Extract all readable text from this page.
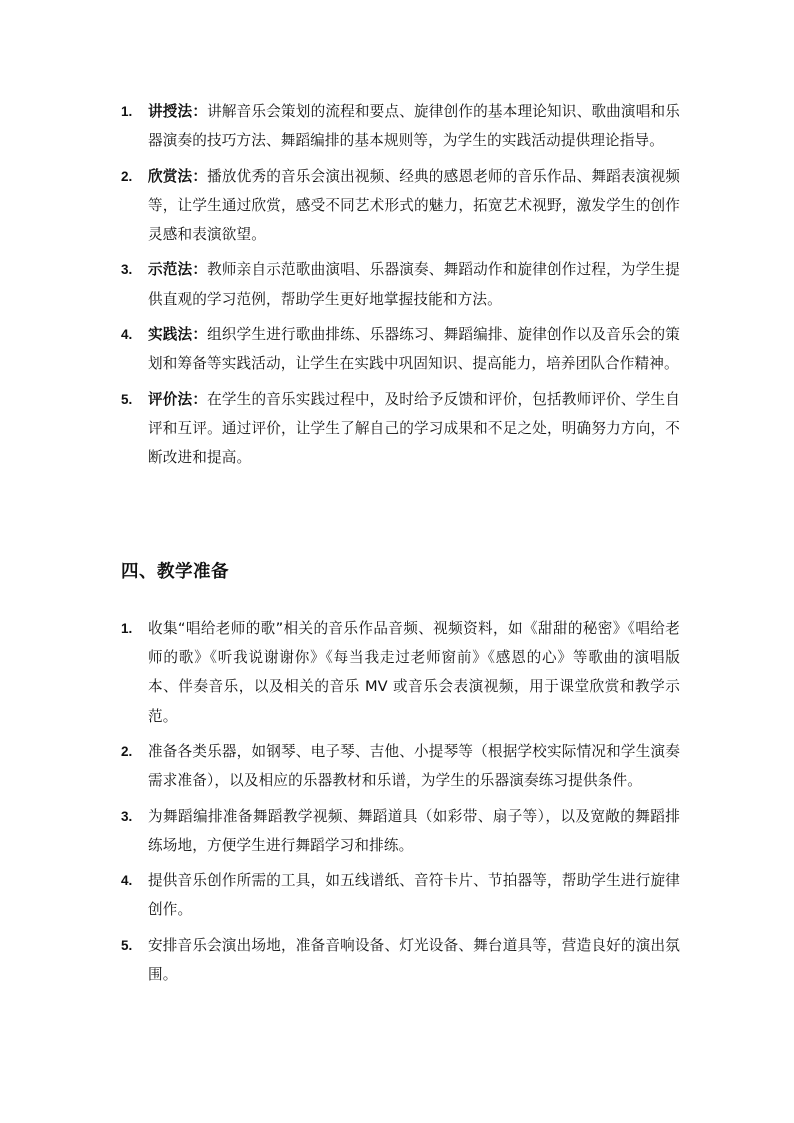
1. 讲授法：讲解音乐会策划的流程和要点、旋律创作的基本理论知识、歌曲演唱和乐器演奏的技巧方法、舞蹈编排的基本规则等，为学生的实践活动提供理论指导。
2. 欣赏法：播放优秀的音乐会演出视频、经典的感恩老师的音乐作品、舞蹈表演视频等，让学生通过欣赏，感受不同艺术形式的魅力，拓宽艺术视野，激发学生的创作灵感和表演欲望。
3. 示范法：教师亲自示范歌曲演唱、乐器演奏、舞蹈动作和旋律创作过程，为学生提供直观的学习范例，帮助学生更好地掌握技能和方法。
4. 实践法：组织学生进行歌曲排练、乐器练习、舞蹈编排、旋律创作以及音乐会的策划和筹备等实践活动，让学生在实践中巩固知识、提高能力，培养团队合作精神。
5. 评价法：在学生的音乐实践过程中，及时给予反馈和评价，包括教师评价、学生自评和互评。通过评价，让学生了解自己的学习成果和不足之处，明确努力方向，不断改进和提高。
四、教学准备
1. 收集“唱给老师的歌”相关的音乐作品音频、视频资料，如《甜甜的秘密》《唱给老师的歌》《听我说谢谢你》《每当我走过老师窗前》《感恩的心》等歌曲的演唱版本、伴奏音乐，以及相关的音乐 MV 或音乐会表演视频，用于课堂欣赏和教学示范。
2. 准备各类乐器，如钢琴、电子琴、吉他、小提琴等（根据学校实际情况和学生演奏需求准备），以及相应的乐器教材和乐谱，为学生的乐器演奏练习提供条件。
3. 为舞蹈编排准备舞蹈教学视频、舞蹈道具（如彩带、扇子等），以及宽敞的舞蹈排练场地，方便学生进行舞蹈学习和排练。
4. 提供音乐创作所需的工具，如五线谱纸、音符卡片、节拍器等，帮助学生进行旋律创作。
5. 安排音乐会演出场地，准备音响设备、灯光设备、舞台道具等，营造良好的演出氛围。
